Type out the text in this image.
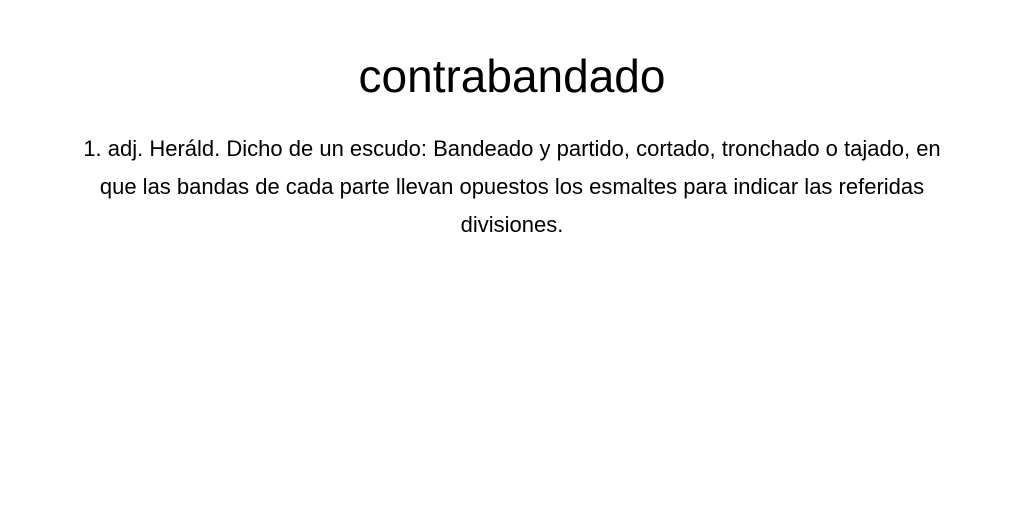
contrabandado

1. adj. Heráld. Dicho de un escudo: Bandeado y partido, cortado, tronchado o tajado, en que las bandas de cada parte llevan opuestos los esmaltes para indicar las referidas divisiones.
